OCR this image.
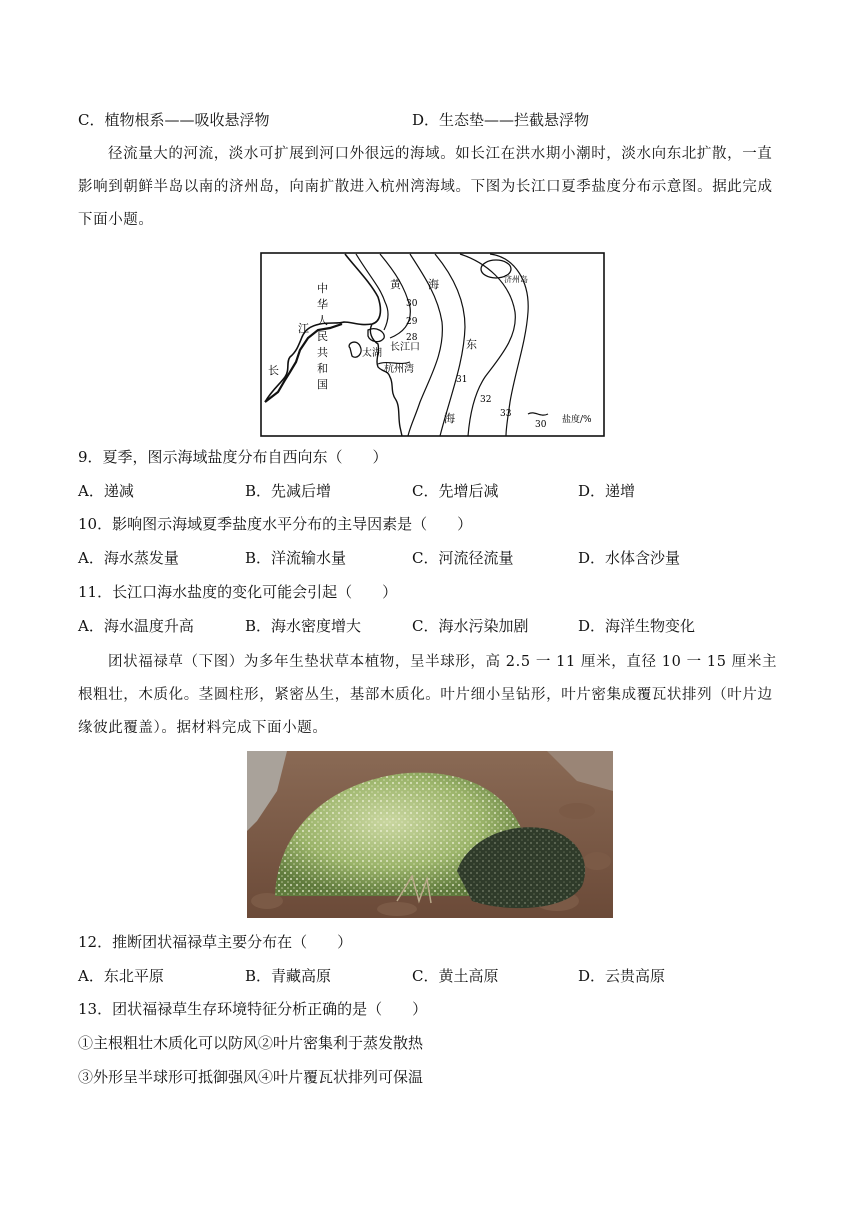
C．植物根系——吸收悬浮物	D．生态垫——拦截悬浮物
径流量大的河流，淡水可扩展到河口外很远的海域。如长江在洪水期小潮时，淡水向东北扩散，一直影响到朝鲜半岛以南的济州岛，向南扩散进入杭州湾海域。下图为长江口夏季盐度分布示意图。据此完成下面小题。
济州岛
黄 海
东
海
中
华
人
民
共
和
国
江
长
太湖
长江口
杭州湾
28
29
30
31
32
33
30 盐度/%
9．夏季，图示海域盐度分布自西向东（　　）
A．递减	B．先减后增	C．先增后减	D．递增
10．影响图示海域夏季盐度水平分布的主导因素是（　　）
A．海水蒸发量	B．洋流输水量	C．河流径流量	D．水体含沙量
11．长江口海水盐度的变化可能会引起（　　）
A．海水温度升高	B．海水密度增大	C．海水污染加剧	D．海洋生物变化
团状福禄草（下图）为多年生垫状草本植物，呈半球形，高 2.5 一 11 厘米，直径 10 一 15 厘米主根粗壮，木质化。茎圆柱形，紧密丛生，基部木质化。叶片细小呈钻形，叶片密集成覆瓦状排列（叶片边缘彼此覆盖）。据材料完成下面小题。
12．推断团状福禄草主要分布在（　　）
A．东北平原	B．青藏高原	C．黄土高原	D．云贵高原
13．团状福禄草生存环境特征分析正确的是（　　）
①主根粗壮木质化可以防风②叶片密集利于蒸发散热
③外形呈半球形可抵御强风④叶片覆瓦状排列可保温
